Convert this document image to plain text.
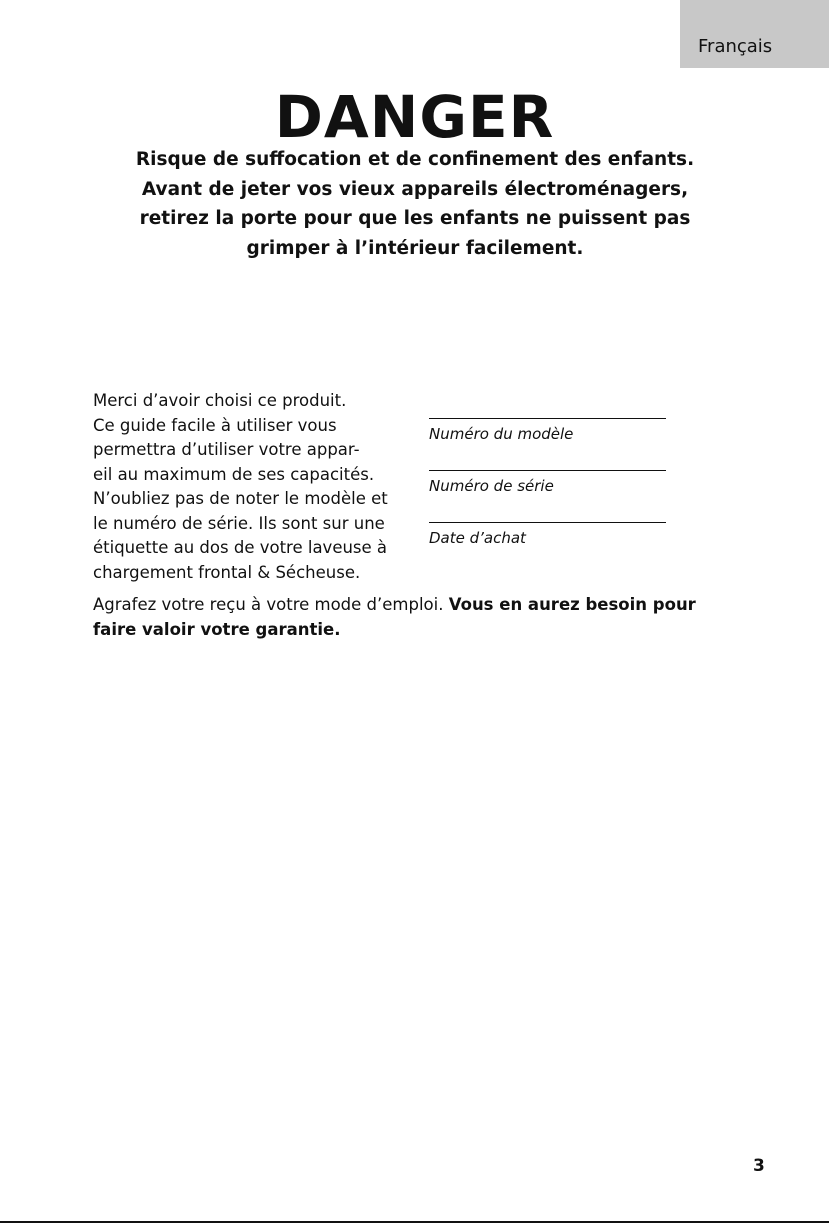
Français
DANGER

Risque de suffocation et de confinement des enfants.
Avant de jeter vos vieux appareils électroménagers,
retirez la porte pour que les enfants ne puissent pas
grimper à l’intérieur facilement.

Merci d’avoir choisi ce produit.
Ce guide facile à utiliser vous
permettra d’utiliser votre appar-
eil au maximum de ses capacités.
N’oubliez pas de noter le modèle et
le numéro de série. Ils sont sur une
étiquette au dos de votre laveuse à
chargement frontal & Sécheuse.

Numéro du modèle
Numéro de série
Date d’achat

Agrafez votre reçu à votre mode d’emploi. Vous en aurez besoin pour
faire valoir votre garantie.

3
